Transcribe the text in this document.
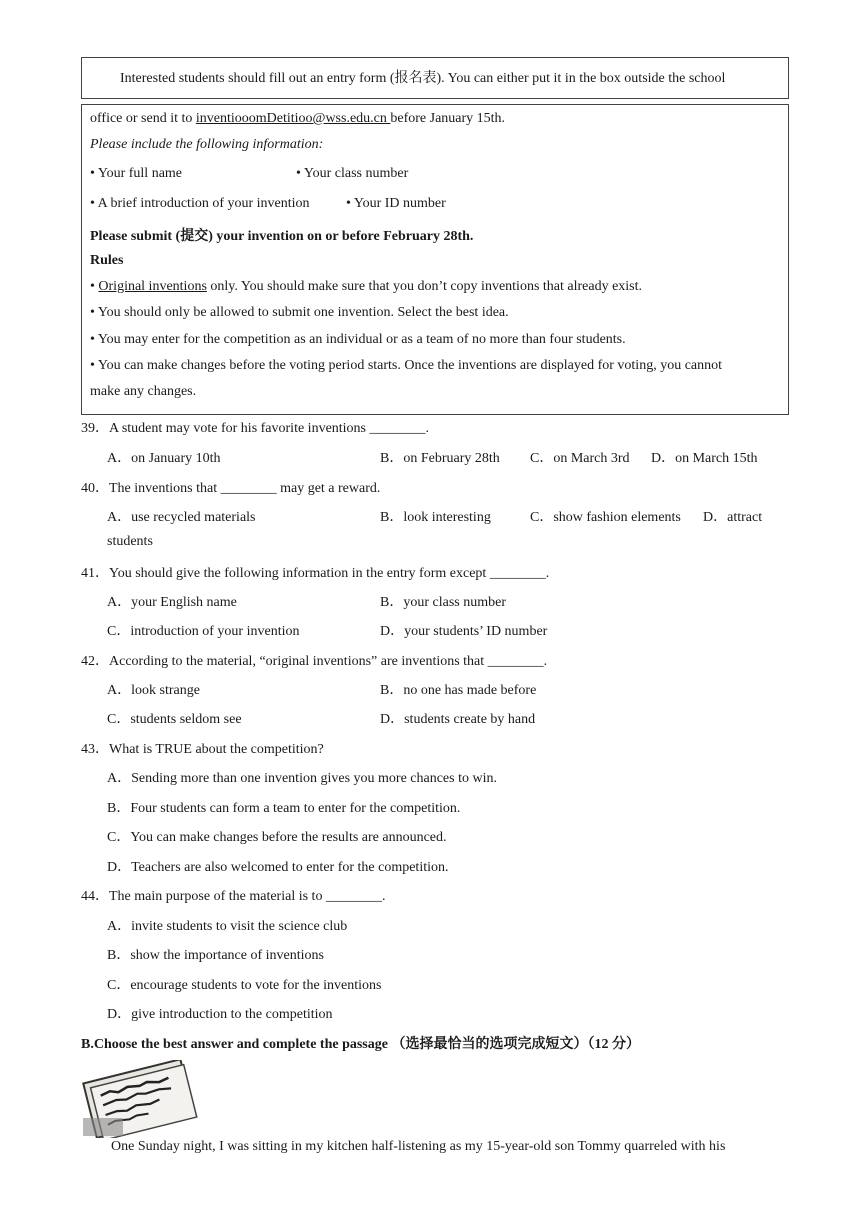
Interested students should fill out an entry form (报名表). You can either put it in the box outside the school
office or send it to inventiooomDetitioo@wss.edu.cn before January 15th.
Please include the following information:
• Your full name	• Your class number
• A brief introduction of your invention	• Your ID number
Please submit (提交) your invention on or before February 28th.
Rules
• Original inventions only. You should make sure that you don’t copy inventions that already exist.
• You should only be allowed to submit one invention. Select the best idea.
• You may enter for the competition as an individual or as a team of no more than four students.
• You can make changes before the voting period starts. Once the inventions are displayed for voting, you cannot
make any changes.
39．A student may vote for his favorite inventions ________.
A．on January 10th	B．on February 28th C．on March 3rd D．on March 15th
40．The inventions that ________ may get a reward.
A．use recycled materials	B．look interesting	C．show fashion elements D．attract
students
41．You should give the following information in the entry form except ________.
A．your English name	B．your class number
C．introduction of your invention	D．your students’ ID number
42．According to the material, “original inventions” are inventions that ________.
A．look strange	B．no one has made before
C．students seldom see	D．students create by hand
43．What is TRUE about the competition?
A．Sending more than one invention gives you more chances to win.
B．Four students can form a team to enter for the competition.
C．You can make changes before the results are announced.
D．Teachers are also welcomed to enter for the competition.
44．The main purpose of the material is to ________.
A．invite students to visit the science club
B．show the importance of inventions
C．encourage students to vote for the inventions
D．give introduction to the competition
B.Choose the best answer and complete the passage （选择最恰当的选项完成短文）（12 分）
One Sunday night, I was sitting in my kitchen half-listening as my 15-year-old son Tommy quarreled with his
